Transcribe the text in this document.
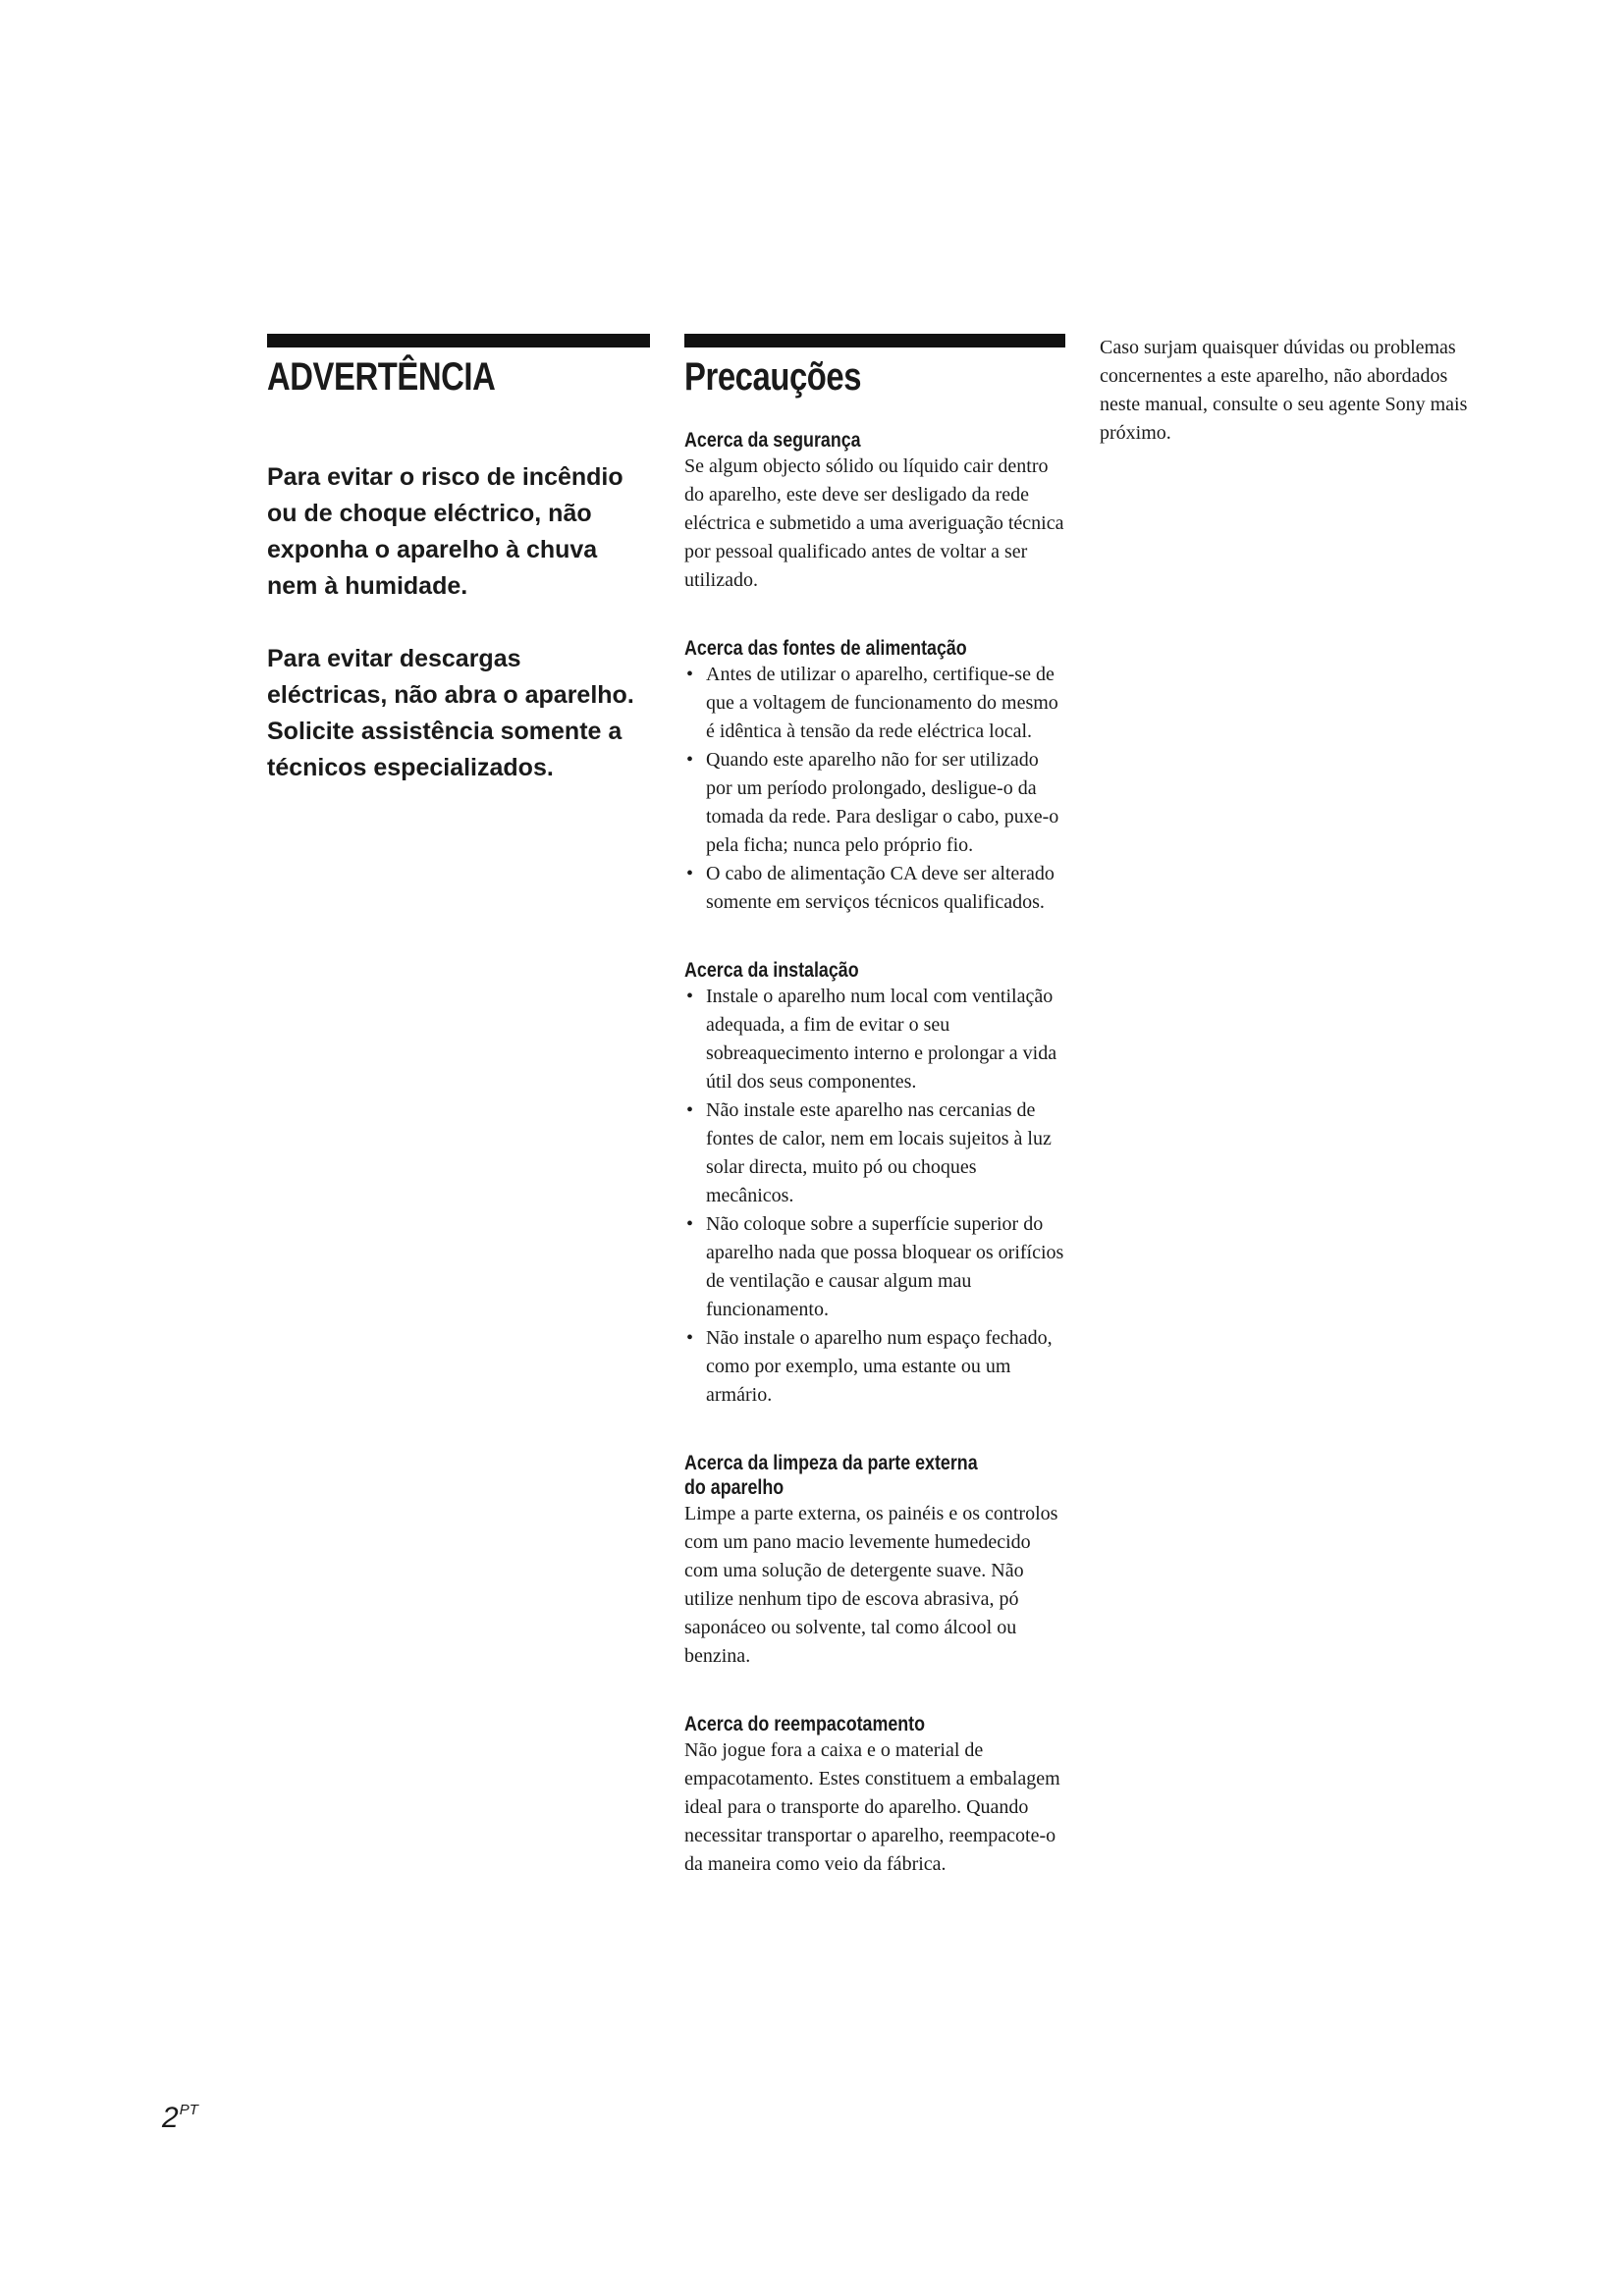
ADVERTÊNCIA

Para evitar o risco de incêndio ou de choque eléctrico, não exponha o aparelho à chuva nem à humidade.

Para evitar descargas eléctricas, não abra o aparelho. Solicite assistência somente a técnicos especializados.

Precauções

Acerca da segurança

Se algum objecto sólido ou líquido cair dentro do aparelho, este deve ser desligado da rede eléctrica e submetido a uma averiguação técnica por pessoal qualificado antes de voltar a ser utilizado.

Acerca das fontes de alimentação

• Antes de utilizar o aparelho, certifique-se de que a voltagem de funcionamento do mesmo é idêntica à tensão da rede eléctrica local.
• Quando este aparelho não for ser utilizado por um período prolongado, desligue-o da tomada da rede. Para desligar o cabo, puxe-o pela ficha; nunca pelo próprio fio.
• O cabo de alimentação CA deve ser alterado somente em serviços técnicos qualificados.

Acerca da instalação

• Instale o aparelho num local com ventilação adequada, a fim de evitar o seu sobreaquecimento interno e prolongar a vida útil dos seus componentes.
• Não instale este aparelho nas cercanias de fontes de calor, nem em locais sujeitos à luz solar directa, muito pó ou choques mecânicos.
• Não coloque sobre a superfície superior do aparelho nada que possa bloquear os orifícios de ventilação e causar algum mau funcionamento.
• Não instale o aparelho num espaço fechado, como por exemplo, uma estante ou um armário.

Acerca da limpeza da parte externa

do aparelho

Limpe a parte externa, os painéis e os controlos com um pano macio levemente humedecido com uma solução de detergente suave. Não utilize nenhum tipo de escova abrasiva, pó saponáceo ou solvente, tal como álcool ou benzina.

Acerca do reempacotamento

Não jogue fora a caixa e o material de empacotamento. Estes constituem a embalagem ideal para o transporte do aparelho. Quando necessitar transportar o aparelho, reempacote-o da maneira como veio da fábrica.

Caso surjam quaisquer dúvidas ou problemas concernentes a este aparelho, não abordados neste manual, consulte o seu agente Sony mais próximo.

$2^{PT}$
